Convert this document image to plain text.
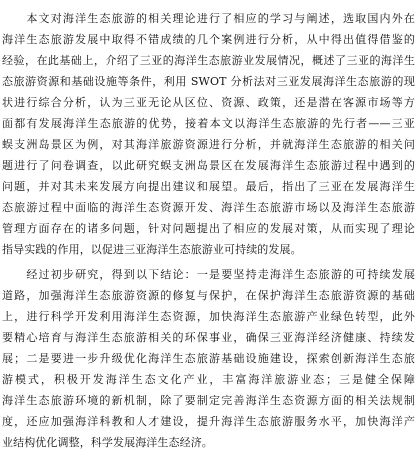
　　本文对海洋生态旅游的相关理论进行了相应的学习与阐述，选取国内外在
海洋生态旅游发展中取得不错成绩的几个案例进行分析，从中得出值得借鉴的
经验，在此基础上，介绍了三亚的海洋生态旅游业发展情况，概述了三亚的海洋生
态旅游资源和基础设施等条件，利用 SWOT 分析法对三亚发展海洋生态旅游的现
状进行综合分析，认为三亚无论从区位、资源、政策，还是潜在客源市场等方
面都有发展海洋生态旅游的优势，接着本文以海洋生态旅游的先行者——三亚
蜈支洲岛景区为例，对其海洋旅游资源进行分析，并就海洋生态旅游的相关问
题进行了问卷调查，以此研究蜈支洲岛景区在发展海洋生态旅游过程中遇到的
问题，并对其未来发展方向提出建议和展望。最后，指出了三亚在发展海洋生
态旅游过程中面临的海洋生态资源开发、海洋生态旅游市场以及海洋生态旅游
管理方面存在的诸多问题，针对问题提出了相应的发展对策，从而实现了理论
指导实践的作用，以促进三亚海洋生态旅游业可持续的发展。
　　经过初步研究，得到以下结论：一是要坚持走海洋生态旅游的可持续发展
道路，加强海洋生态旅游资源的修复与保护，在保护海洋生态旅游资源的基础
上，进行科学开发利用海洋生态资源，加快海洋生态旅游产业绿色转型，此外
要精心培育与海洋生态旅游相关的环保事业，确保三亚海洋经济健康、持续发
展；二是要进一步升级优化海洋生态旅游基础设施建设，探索创新海洋生态旅
游模式，积极开发海洋生态文化产业，丰富海洋旅游业态；三是健全保障
海洋生态旅游环境的新机制，除了要制定完善海洋生态资源方面的相关法规制
度，还应加强海洋科教和人才建设，提升海洋生态旅游服务水平，加快海洋产
业结构优化调整，科学发展海洋生态经济。
